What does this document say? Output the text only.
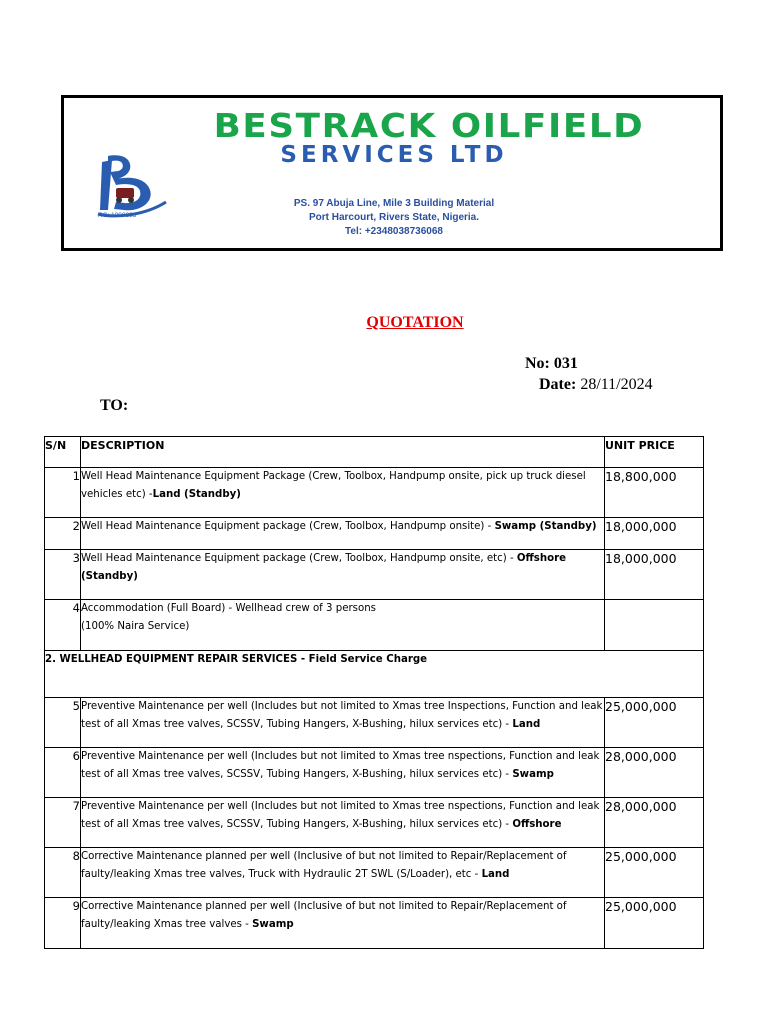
BESTRACK OILFIELD
SERVICES LTD
RC: 1090883
PS. 97 Abuja Line, Mile 3 Building Material
Port Harcourt, Rivers State, Nigeria.
Tel: +2348038736068
QUOTATION
No: 031
Date: 28/11/2024
TO:
S/N	DESCRIPTION	UNIT PRICE
1	Well Head Maintenance Equipment Package (Crew, Toolbox, Handpump onsite, pick up truck diesel
vehicles etc) -Land (Standby)	18,800,000
2	Well Head Maintenance Equipment package (Crew, Toolbox, Handpump onsite) - Swamp (Standby)	18,000,000
3	Well Head Maintenance Equipment package (Crew, Toolbox, Handpump onsite, etc) - Offshore
(Standby)	18,000,000
4	Accommodation (Full Board) - Wellhead crew of 3 persons
(100% Naira Service)	

2. WELLHEAD EQUIPMENT REPAIR SERVICES - Field Service Charge		
5	Preventive Maintenance per well (Includes but not limited to Xmas tree Inspections, Function and leak
test of all Xmas tree valves, SCSSV, Tubing Hangers, X-Bushing, hilux services etc) - Land	25,000,000
6	Preventive Maintenance per well (Includes but not limited to Xmas tree nspections, Function and leak
test of all Xmas tree valves, SCSSV, Tubing Hangers, X-Bushing, hilux services etc) - Swamp	28,000,000
7	Preventive Maintenance per well (Includes but not limited to Xmas tree nspections, Function and leak
test of all Xmas tree valves, SCSSV, Tubing Hangers, X-Bushing, hilux services etc) - Offshore	28,000,000
8	Corrective Maintenance planned per well (Inclusive of but not limited to Repair/Replacement of
faulty/leaking Xmas tree valves, Truck with Hydraulic 2T SWL (S/Loader), etc - Land	25,000,000
9	Corrective Maintenance planned per well (Inclusive of but not limited to Repair/Replacement of
faulty/leaking Xmas tree valves - Swamp	25,000,000
